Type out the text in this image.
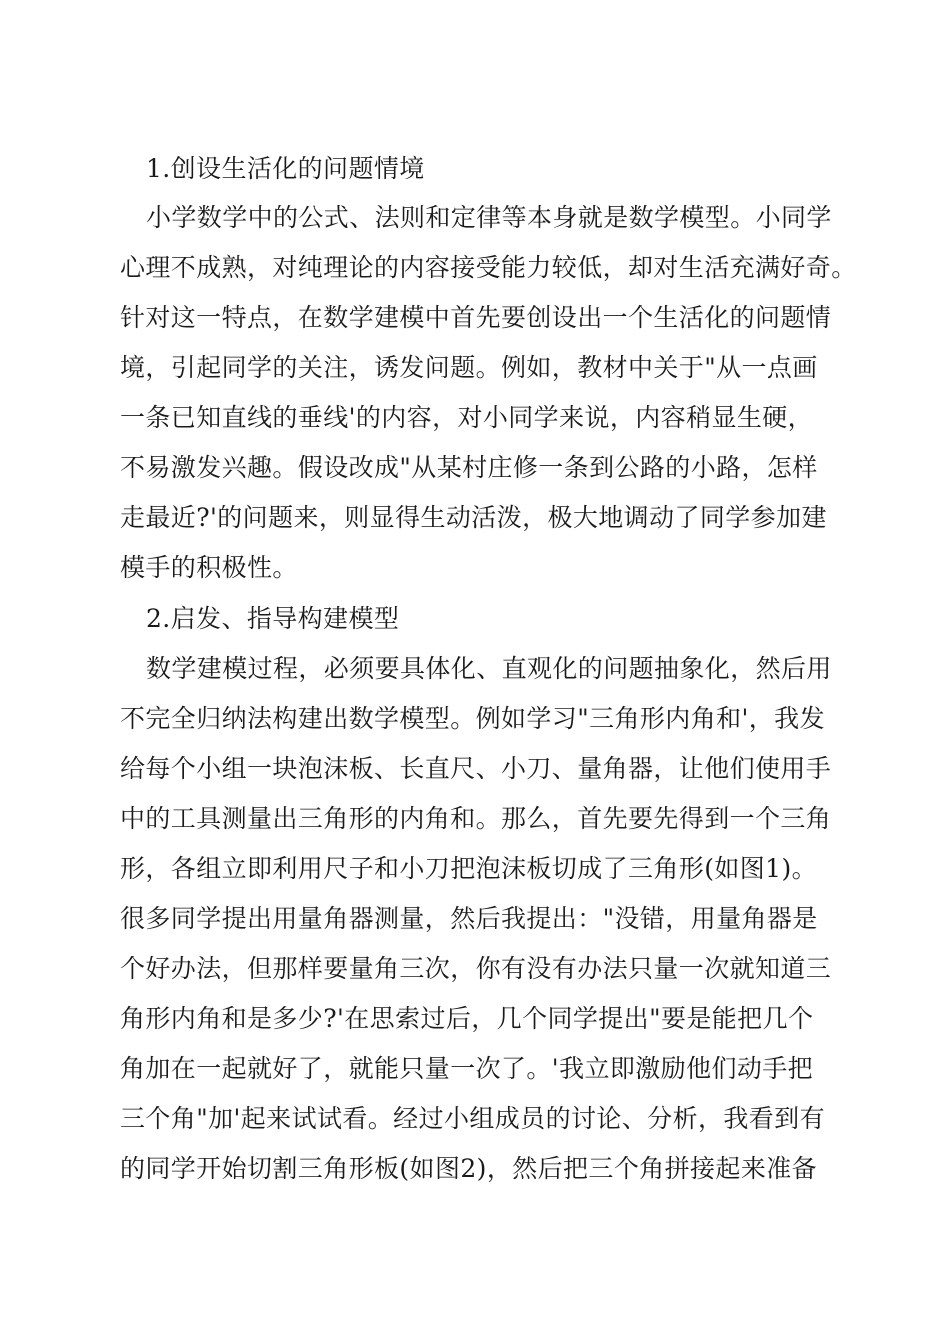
1.创设生活化的问题情境
小学数学中的公式、法则和定律等本身就是数学模型。小同学
心理不成熟，对纯理论的内容接受能力较低，却对生活充满好奇。
针对这一特点，在数学建模中首先要创设出一个生活化的问题情
境，引起同学的关注，诱发问题。例如，教材中关于"从一点画
一条已知直线的垂线'的内容，对小同学来说，内容稍显生硬，
不易激发兴趣。假设改成"从某村庄修一条到公路的小路，怎样
走最近?'的问题来，则显得生动活泼，极大地调动了同学参加建
模手的积极性。
2.启发、指导构建模型
数学建模过程，必须要具体化、直观化的问题抽象化，然后用
不完全归纳法构建出数学模型。例如学习"三角形内角和'，我发
给每个小组一块泡沫板、长直尺、小刀、量角器，让他们使用手
中的工具测量出三角形的内角和。那么，首先要先得到一个三角
形，各组立即利用尺子和小刀把泡沫板切成了三角形(如图1)。
很多同学提出用量角器测量，然后我提出："没错，用量角器是
个好办法，但那样要量角三次，你有没有办法只量一次就知道三
角形内角和是多少?'在思索过后，几个同学提出"要是能把几个
角加在一起就好了，就能只量一次了。'我立即激励他们动手把
三个角"加'起来试试看。经过小组成员的讨论、分析，我看到有
的同学开始切割三角形板(如图2)，然后把三个角拼接起来准备
